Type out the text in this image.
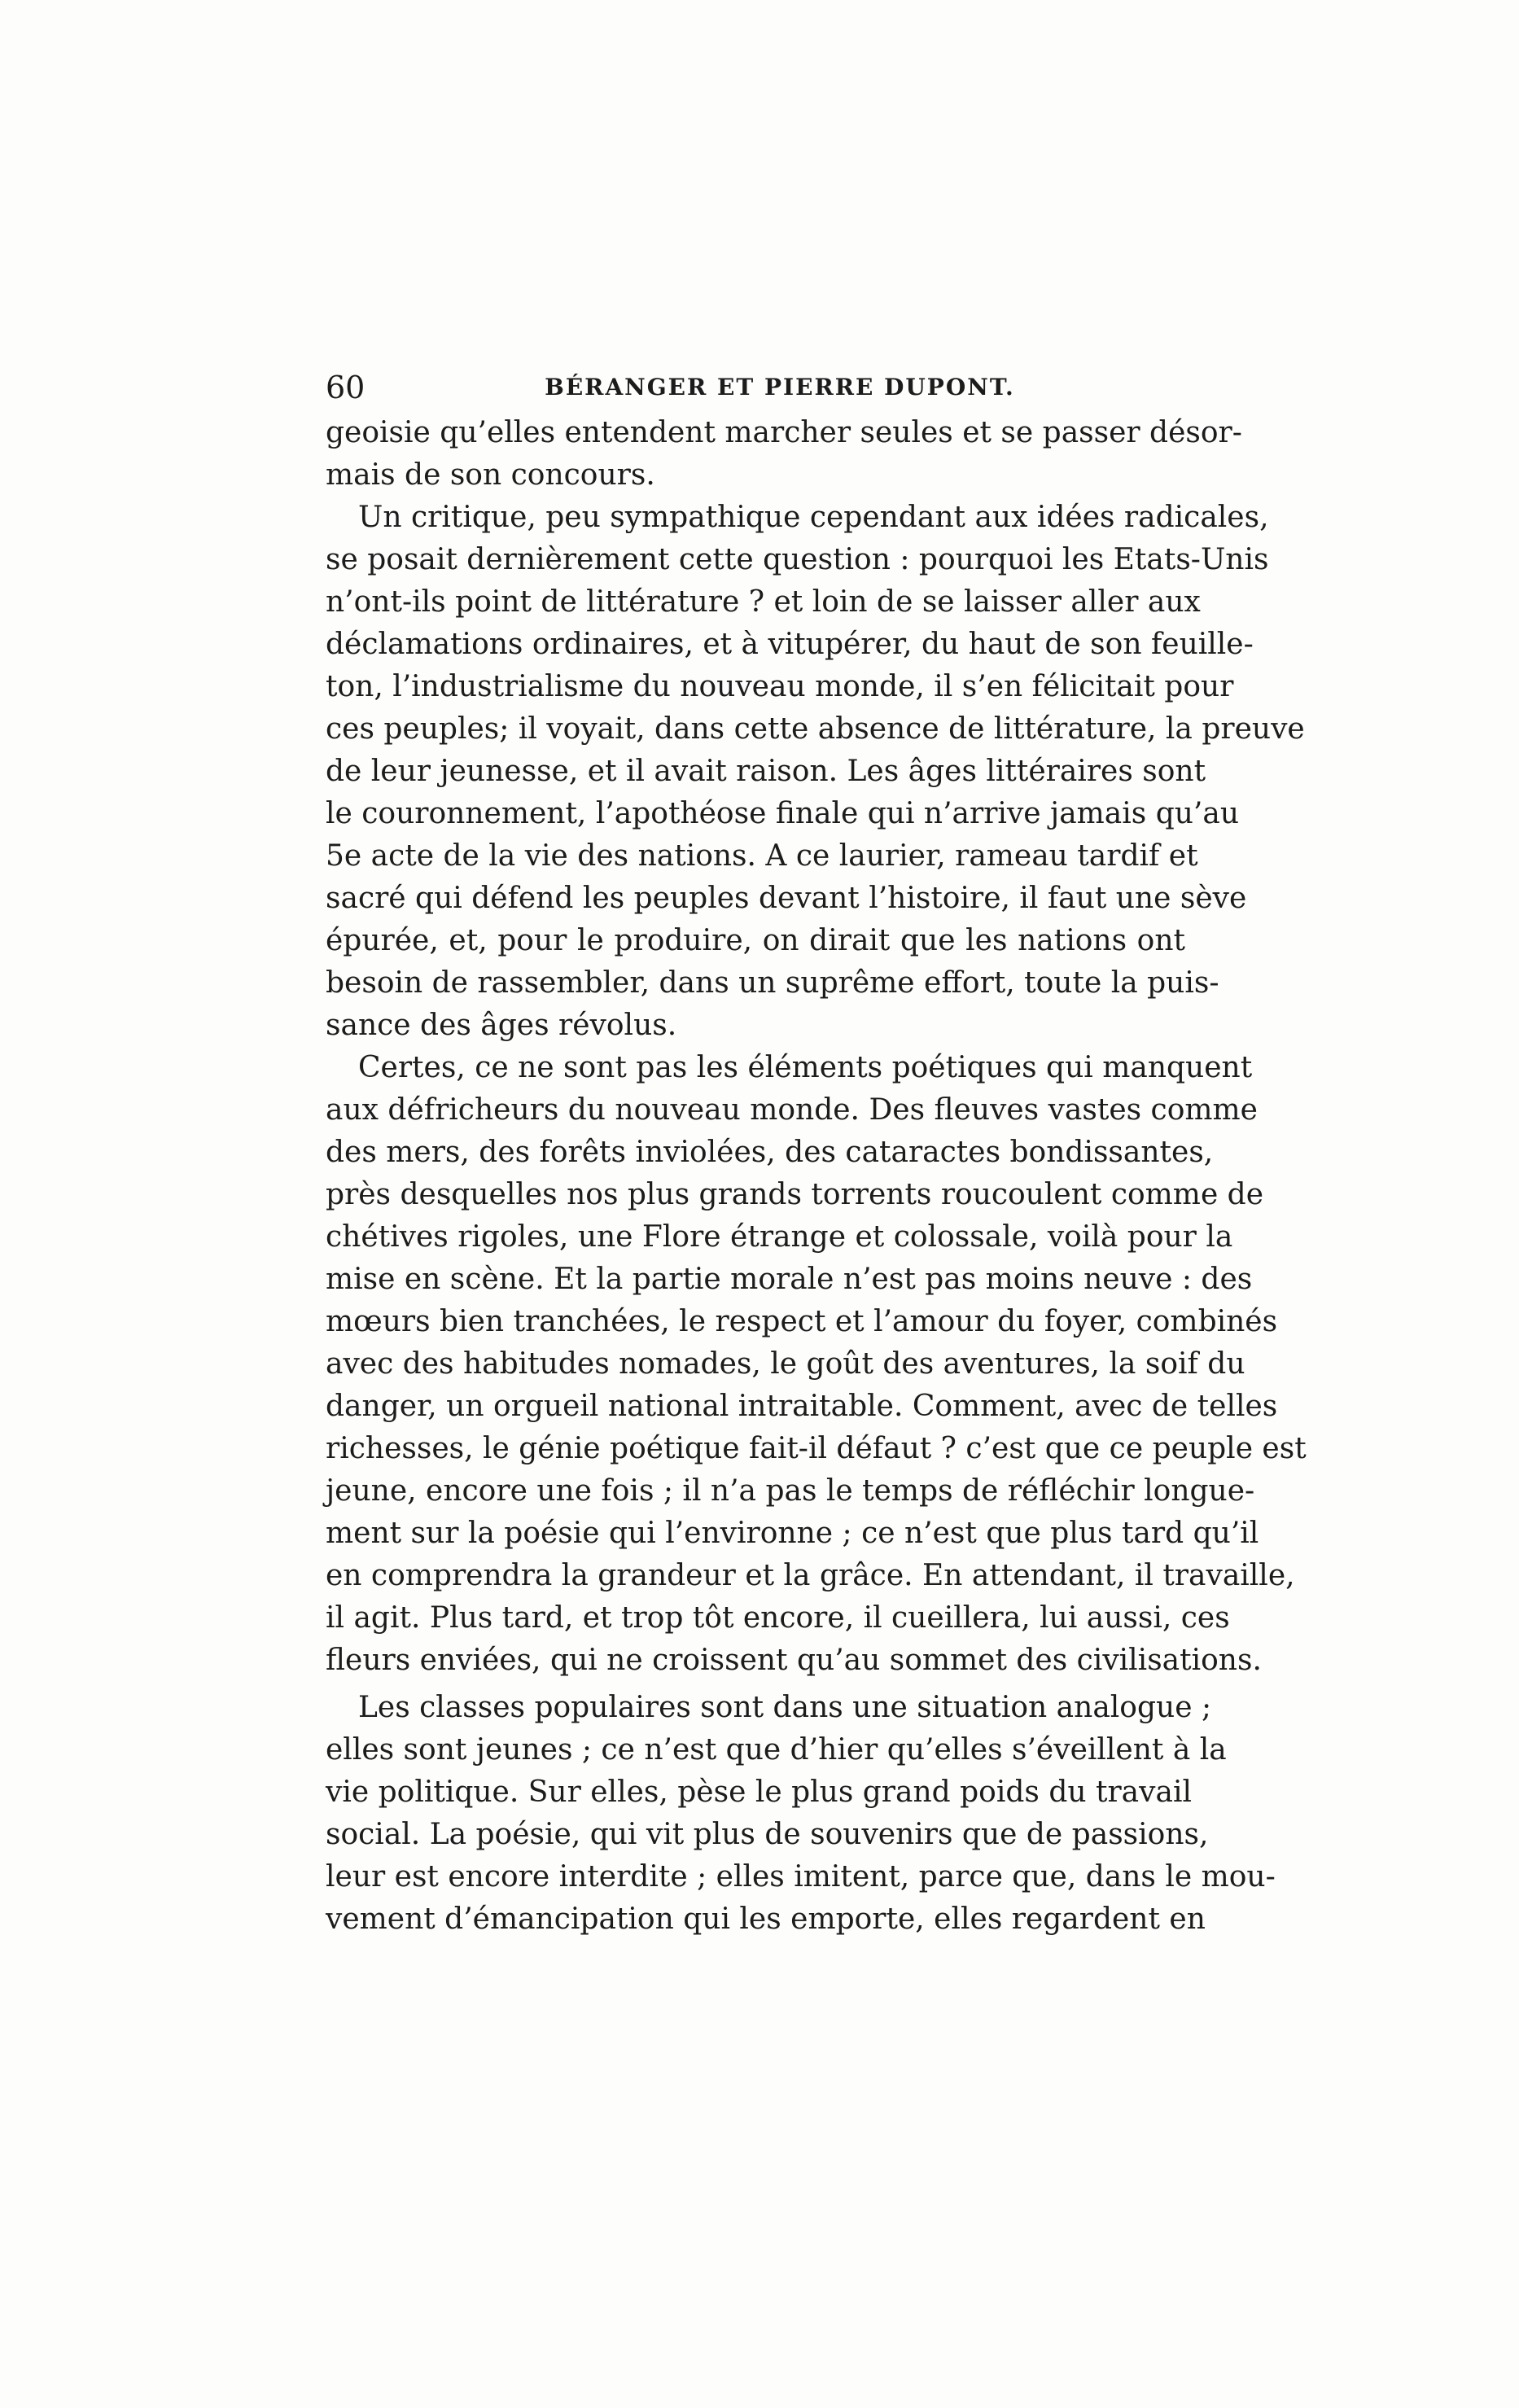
60	BÉRANGER ET PIERRE DUPONT.
geoisie qu’elles entendent marcher seules et se passer désor-
mais de son concours.
Un critique, peu sympathique cependant aux idées radicales,
se posait dernièrement cette question : pourquoi les Etats-Unis
n’ont-ils point de littérature ? et loin de se laisser aller aux
déclamations ordinaires, et à vitupérer, du haut de son feuille-
ton, l’industrialisme du nouveau monde, il s’en félicitait pour
ces peuples; il voyait, dans cette absence de littérature, la preuve
de leur jeunesse, et il avait raison. Les âges littéraires sont
le couronnement, l’apothéose finale qui n’arrive jamais qu’au
5e acte de la vie des nations. A ce laurier, rameau tardif et
sacré qui défend les peuples devant l’histoire, il faut une sève
épurée, et, pour le produire, on dirait que les nations ont
besoin de rassembler, dans un suprême effort, toute la puis-
sance des âges révolus.
Certes, ce ne sont pas les éléments poétiques qui manquent
aux défricheurs du nouveau monde. Des fleuves vastes comme
des mers, des forêts inviolées, des cataractes bondissantes,
près desquelles nos plus grands torrents roucoulent comme de
chétives rigoles, une Flore étrange et colossale, voilà pour la
mise en scène. Et la partie morale n’est pas moins neuve : des
mœurs bien tranchées, le respect et l’amour du foyer, combinés
avec des habitudes nomades, le goût des aventures, la soif du
danger, un orgueil national intraitable. Comment, avec de telles
richesses, le génie poétique fait-il défaut ? c’est que ce peuple est
jeune, encore une fois ; il n’a pas le temps de réfléchir longue-
ment sur la poésie qui l’environne ; ce n’est que plus tard qu’il
en comprendra la grandeur et la grâce. En attendant, il travaille,
il agit. Plus tard, et trop tôt encore, il cueillera, lui aussi, ces
fleurs enviées, qui ne croissent qu’au sommet des civilisations.
Les classes populaires sont dans une situation analogue ;
elles sont jeunes ; ce n’est que d’hier qu’elles s’éveillent à la
vie politique. Sur elles, pèse le plus grand poids du travail
social. La poésie, qui vit plus de souvenirs que de passions,
leur est encore interdite ; elles imitent, parce que, dans le mou-
vement d’émancipation qui les emporte, elles regardent en
